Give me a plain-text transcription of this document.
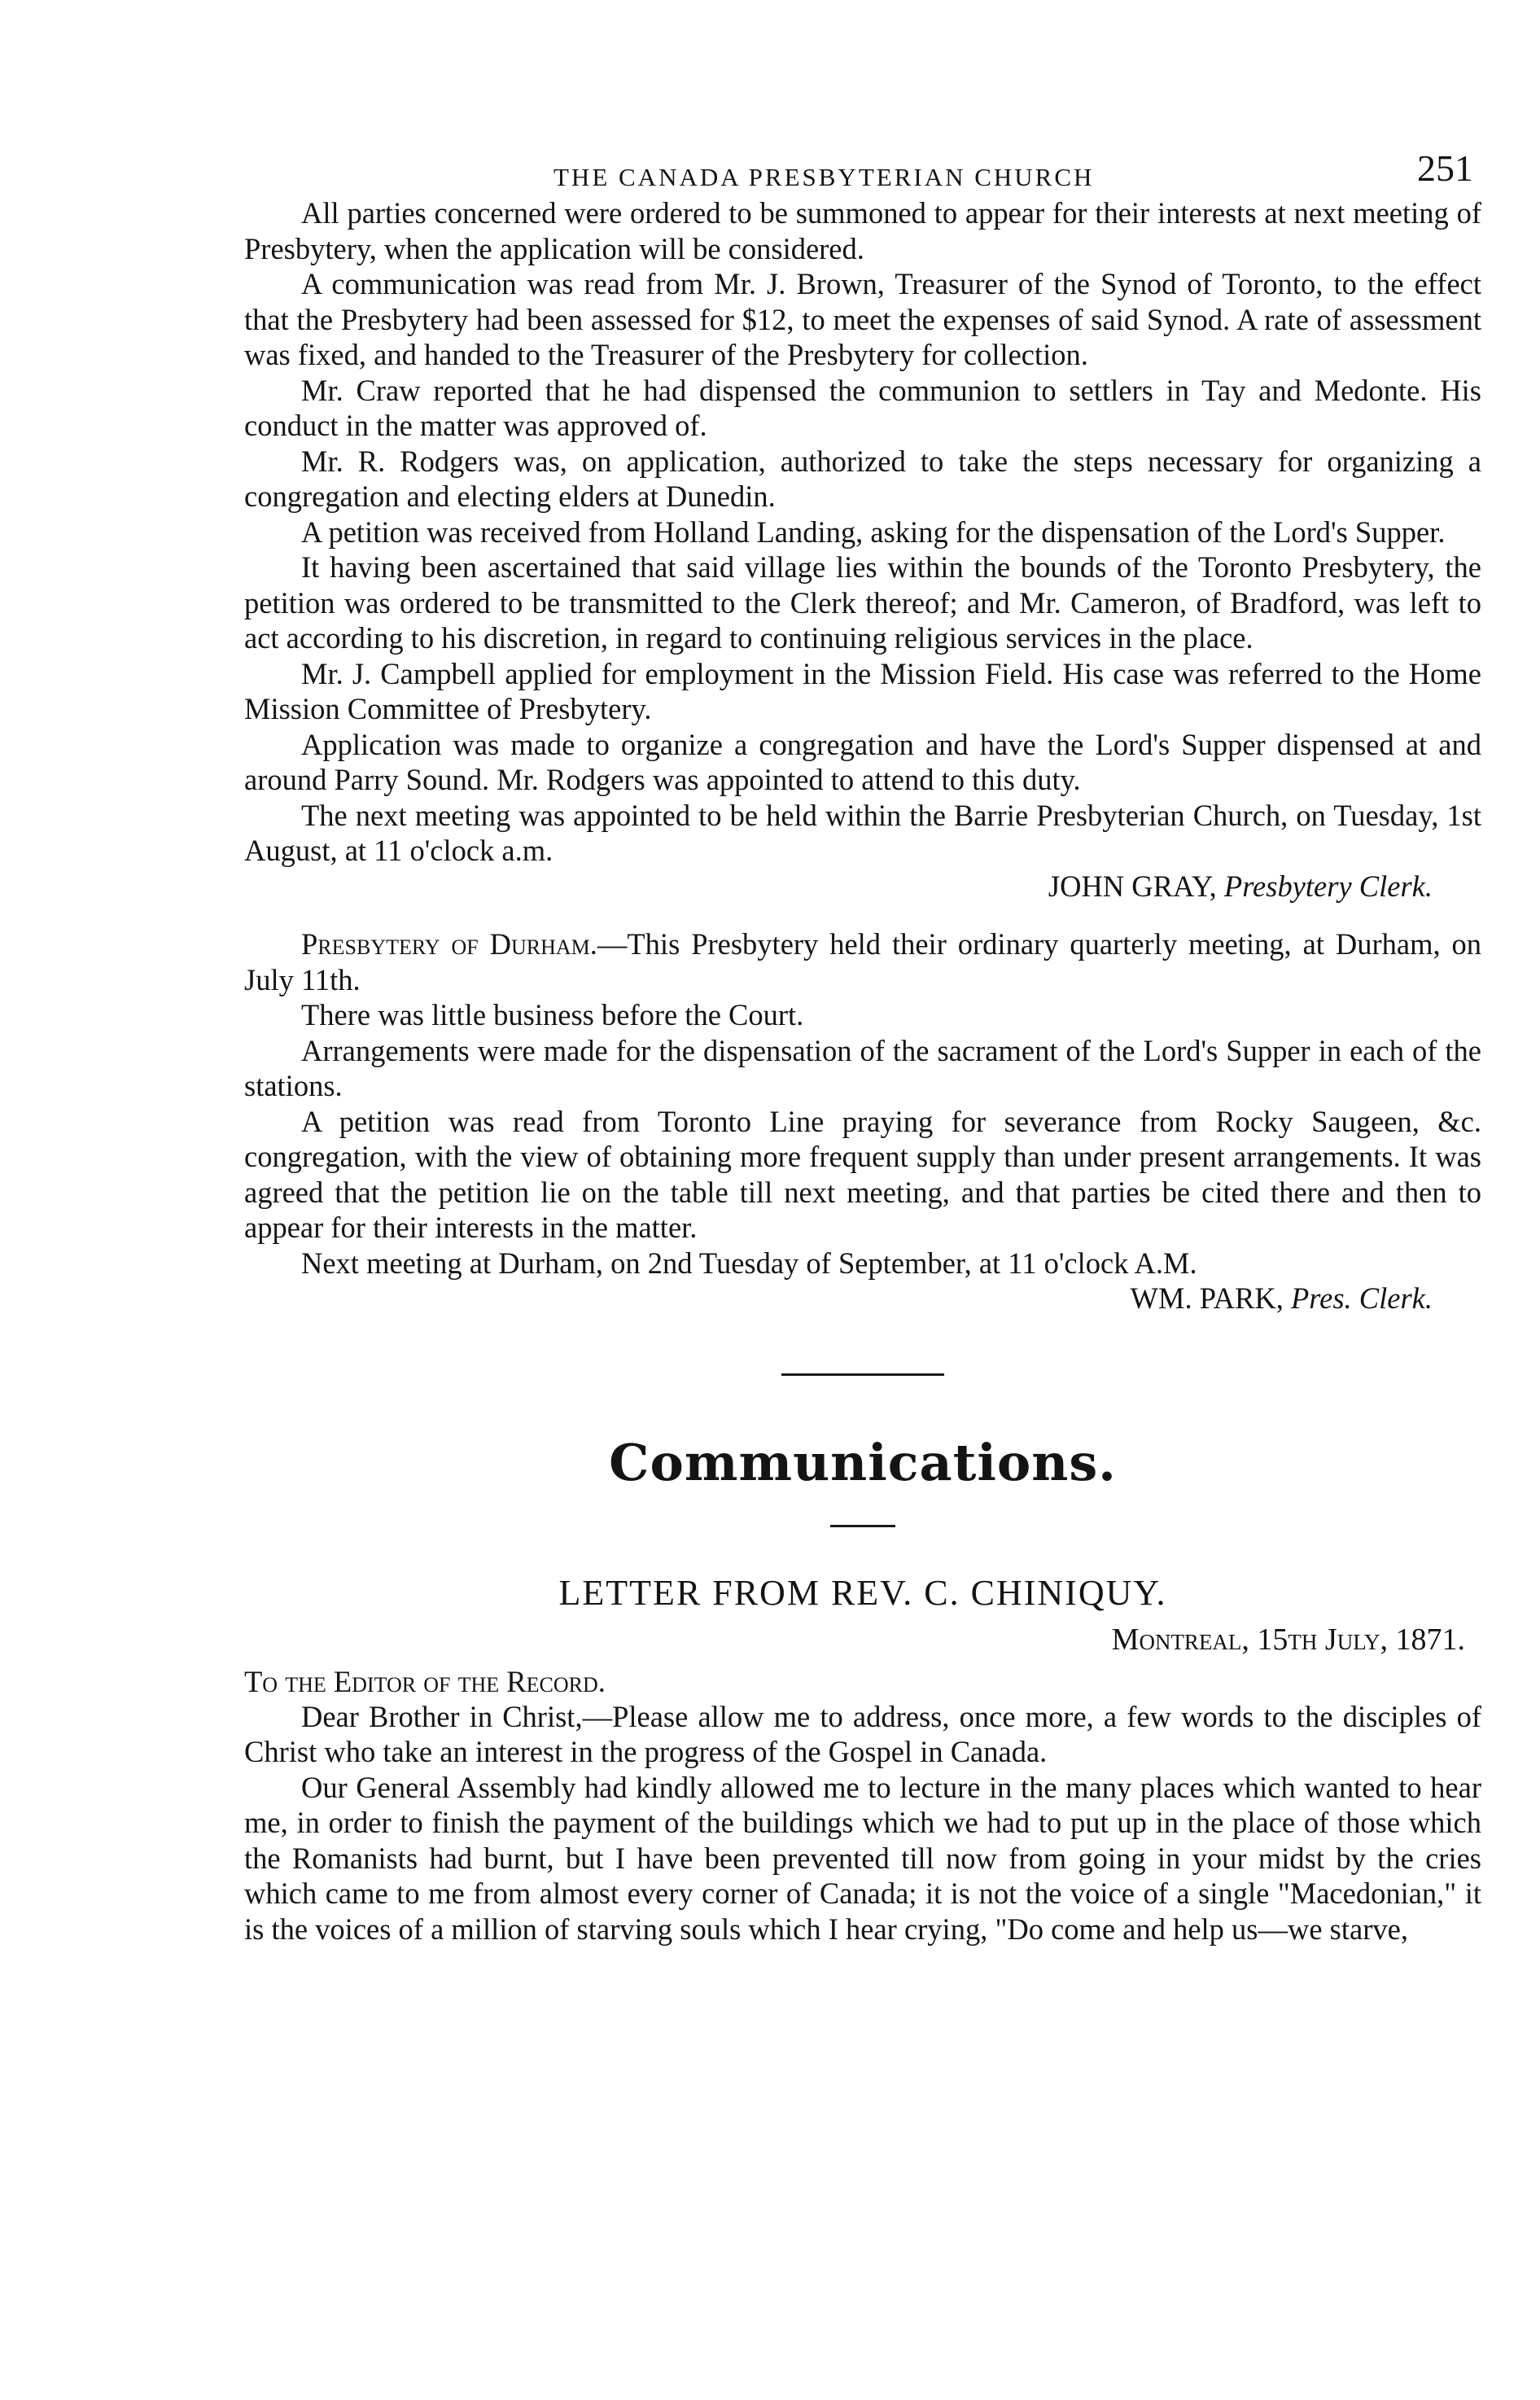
THE CANADA PRESBYTERIAN CHURCH	251

All parties concerned were ordered to be summoned to appear for their interests at next meeting of Presbytery, when the application will be considered.

A communication was read from Mr. J. Brown, Treasurer of the Synod of Toronto, to the effect that the Presbytery had been assessed for $12, to meet the expenses of said Synod. A rate of assessment was fixed, and handed to the Treasurer of the Presbytery for collection.

Mr. Craw reported that he had dispensed the communion to settlers in Tay and Medonte. His conduct in the matter was approved of.

Mr. R. Rodgers was, on application, authorized to take the steps necessary for organizing a congregation and electing elders at Dunedin.

A petition was received from Holland Landing, asking for the dispensation of the Lord's Supper.

It having been ascertained that said village lies within the bounds of the Toronto Presbytery, the petition was ordered to be transmitted to the Clerk thereof; and Mr. Cameron, of Bradford, was left to act according to his discretion, in regard to continuing religious services in the place.

Mr. J. Campbell applied for employment in the Mission Field. His case was referred to the Home Mission Committee of Presbytery.

Application was made to organize a congregation and have the Lord's Supper dispensed at and around Parry Sound. Mr. Rodgers was appointed to attend to this duty.

The next meeting was appointed to be held within the Barrie Presbyterian Church, on Tuesday, 1st August, at 11 o'clock a.m.

JOHN GRAY, Presbytery Clerk.

Presbytery of Durham.—This Presbytery held their ordinary quarterly meeting, at Durham, on July 11th.

There was little business before the Court.

Arrangements were made for the dispensation of the sacrament of the Lord's Supper in each of the stations.

A petition was read from Toronto Line praying for severance from Rocky Saugeen, &c. congregation, with the view of obtaining more frequent supply than under present arrangements. It was agreed that the petition lie on the table till next meeting, and that parties be cited there and then to appear for their interests in the matter.

Next meeting at Durham, on 2nd Tuesday of September, at 11 o'clock A.M.

WM. PARK, Pres. Clerk.

Communications.
LETTER FROM REV. C. CHINIQUY.
Montreal, 15th July, 1871.

To the Editor of the Record.

Dear Brother in Christ,—Please allow me to address, once more, a few words to the disciples of Christ who take an interest in the progress of the Gospel in Canada.

Our General Assembly had kindly allowed me to lecture in the many places which wanted to hear me, in order to finish the payment of the buildings which we had to put up in the place of those which the Romanists had burnt, but I have been prevented till now from going in your midst by the cries which came to me from almost every corner of Canada; it is not the voice of a single "Macedonian," it is the voices of a million of starving souls which I hear crying, "Do come and help us—we starve,
